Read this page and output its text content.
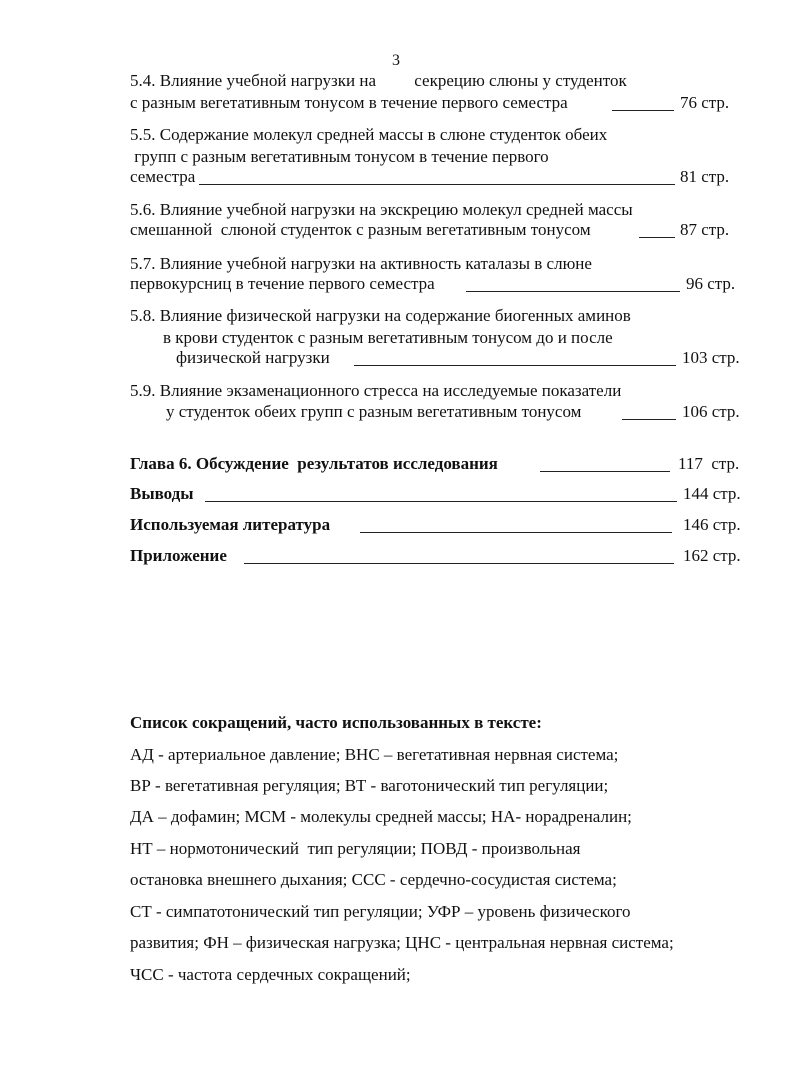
3
5.4. Влияние учебной нагрузки на         секрецию слюны у студенток
с разным вегетативным тонусом в течение первого семестра	76 стр.
5.5. Содержание молекул средней массы в слюне студенток обеих
групп с разным вегетативным тонусом в течение первого
семестра	81 стр.
5.6. Влияние учебной нагрузки на экскрецию молекул средней массы
смешанной  слюной студенток с разным вегетативным тонусом	87 стр.
5.7. Влияние учебной нагрузки на активность каталазы в слюне
первокурсниц в течение первого семестра	96 стр.
5.8. Влияние физической нагрузки на содержание биогенных аминов
в крови студенток с разным вегетативным тонусом до и после
физической нагрузки	103 стр.
5.9. Влияние экзаменационного стресса на исследуемые показатели
у студенток обеих групп с разным вегетативным тонусом	106 стр.
Глава 6. Обсуждение  результатов исследования	117  стр.
Выводы	144 стр.
Используемая литература	146 стр.
Приложение	162 стр.
Список сокращений, часто использованных в тексте:
АД - артериальное давление; ВНС – вегетативная нервная система;
ВР - вегетативная регуляция; ВТ - ваготонический тип регуляции;
ДА – дофамин; МСМ - молекулы средней массы; НА- норадреналин;
НТ – нормотонический  тип регуляции; ПОВД - произвольная
остановка внешнего дыхания; ССС - сердечно-сосудистая система;
СТ - симпатотонический тип регуляции; УФР – уровень физического
развития; ФН – физическая нагрузка; ЦНС - центральная нервная система;
ЧСС - частота сердечных сокращений;
